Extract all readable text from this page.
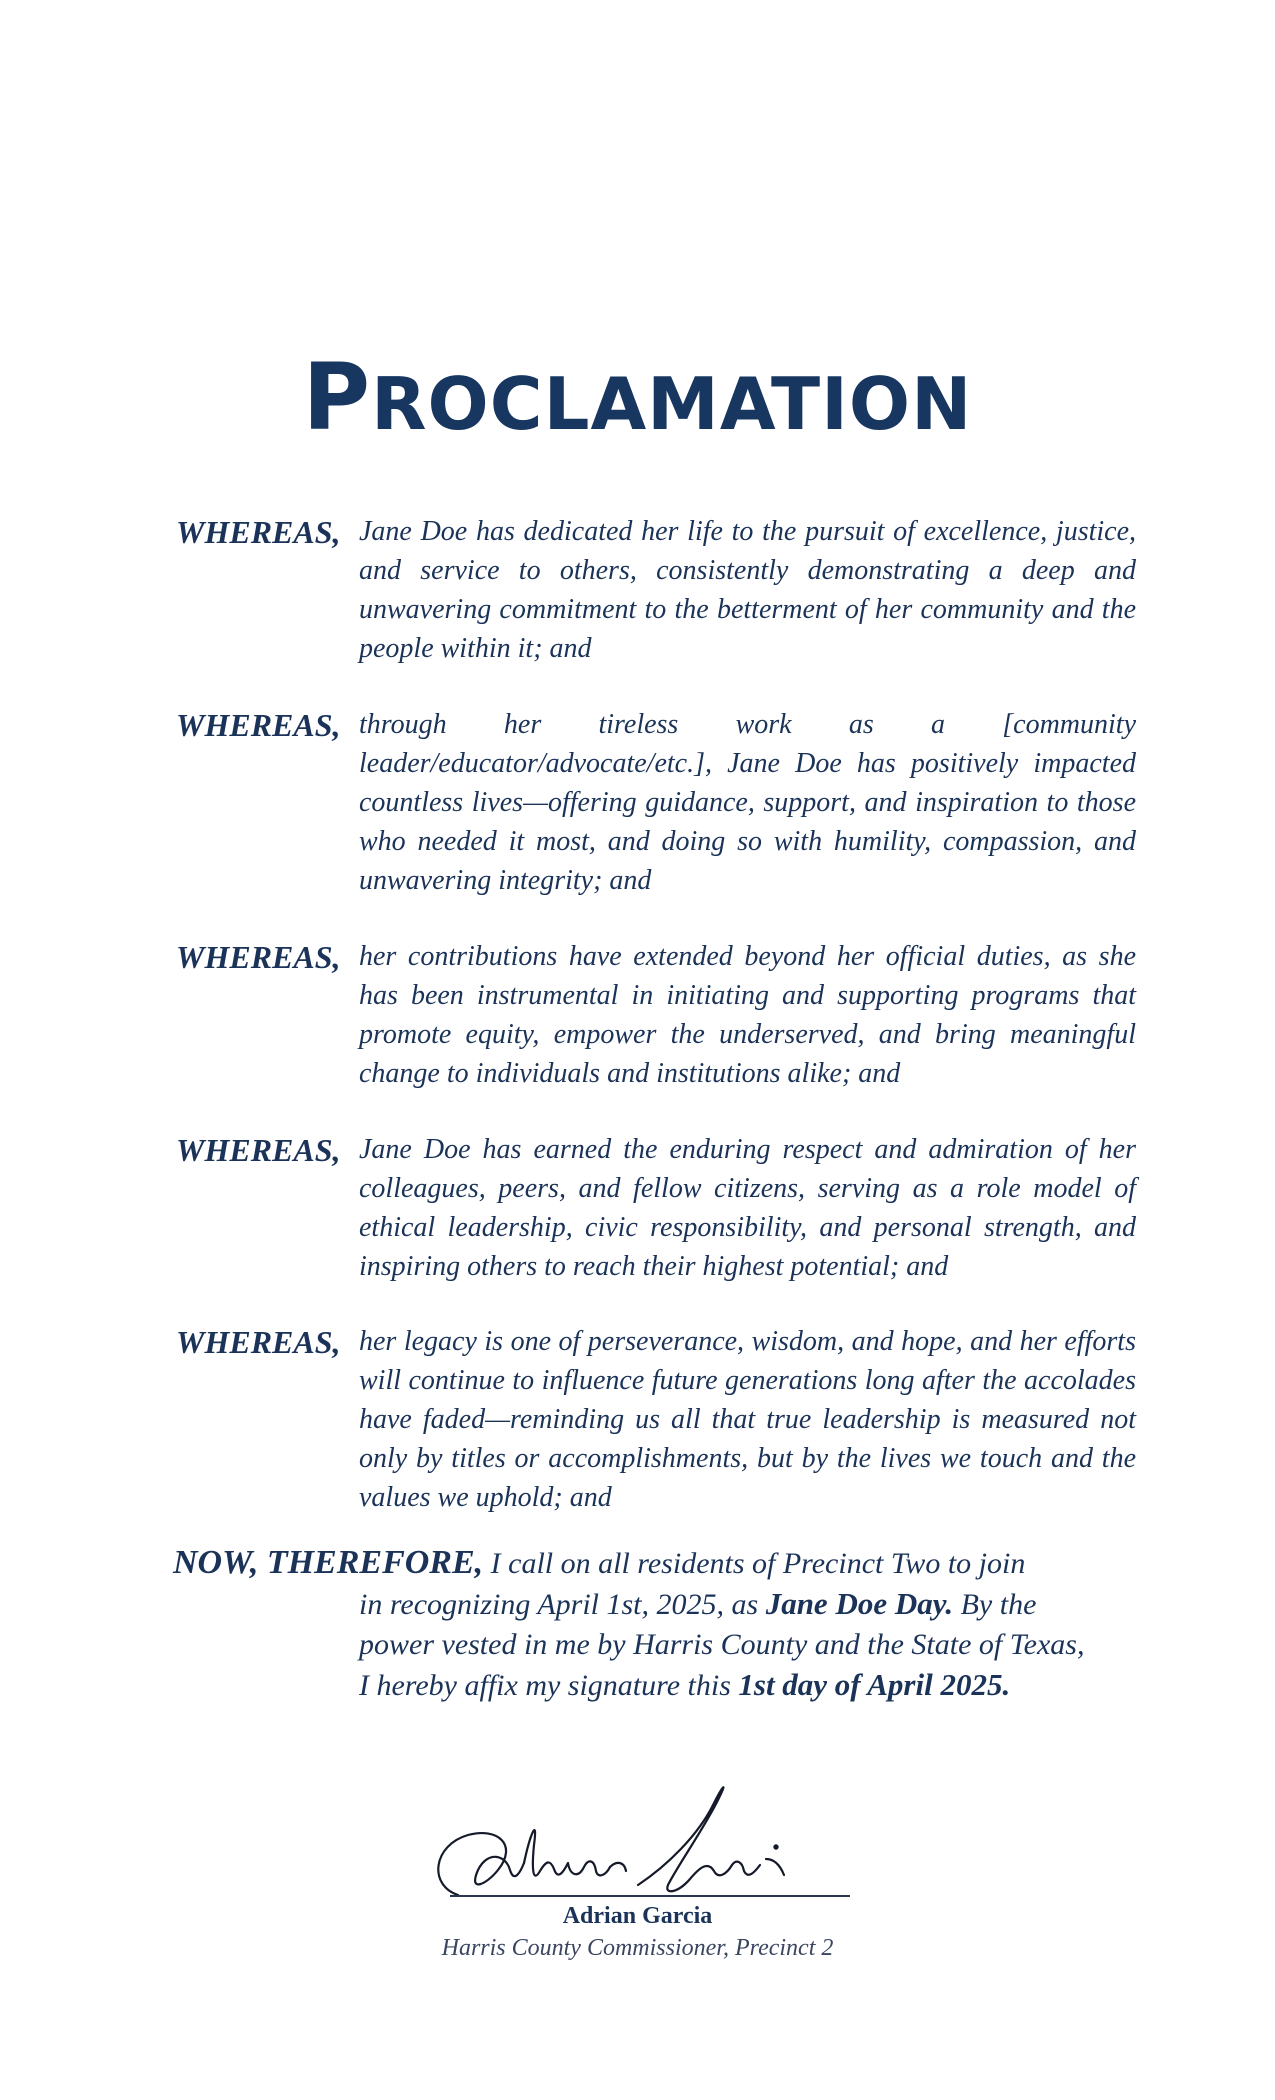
PROCLAMATION
WHEREAS, Jane Doe has dedicated her life to the pursuit of excellence, justice, and service to others, consistently demonstrating a deep and unwavering commitment to the betterment of her community and the people within it; and
WHEREAS, through her tireless work as a [community leader/educator/advocate/etc.], Jane Doe has positively impacted countless lives—offering guidance, support, and inspiration to those who needed it most, and doing so with humility, compassion, and unwavering integrity; and
WHEREAS, her contributions have extended beyond her official duties, as she has been instrumental in initiating and supporting programs that promote equity, empower the underserved, and bring meaningful change to individuals and institutions alike; and
WHEREAS, Jane Doe has earned the enduring respect and admiration of her colleagues, peers, and fellow citizens, serving as a role model of ethical leadership, civic responsibility, and personal strength, and inspiring others to reach their highest potential; and
WHEREAS, her legacy is one of perseverance, wisdom, and hope, and her efforts will continue to influence future generations long after the accolades have faded—reminding us all that true leadership is measured not only by titles or accomplishments, but by the lives we touch and the values we uphold; and
NOW, THEREFORE, I call on all residents of Precinct Two to join
in recognizing April 1st, 2025, as Jane Doe Day. By the
power vested in me by Harris County and the State of Texas,
I hereby affix my signature this 1st day of April 2025.
Adrian Garcia
Harris County Commissioner, Precinct 2
